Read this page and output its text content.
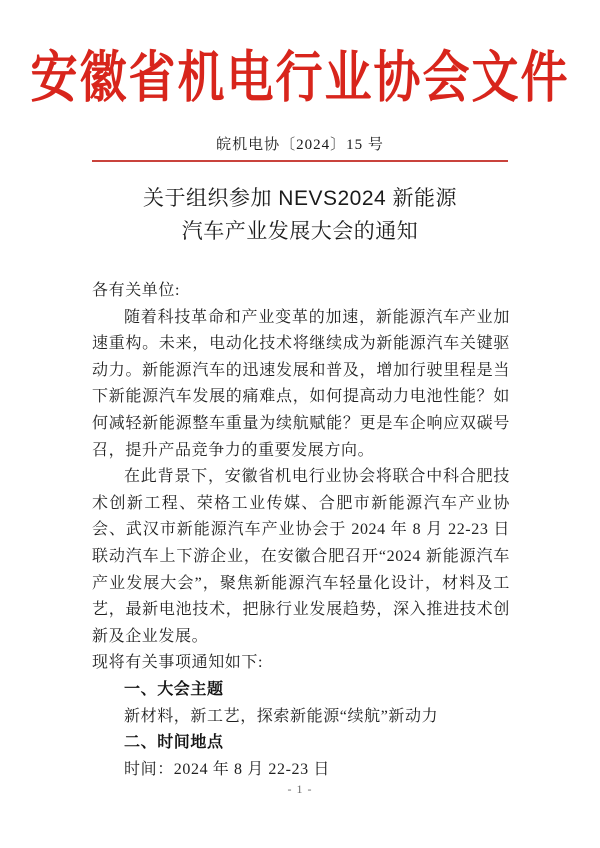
安徽省机电行业协会文件
皖机电协〔2024〕15 号
关于组织参加 NEVS2024 新能源
汽车产业发展大会的通知

各有关单位:

随着科技革命和产业变革的加速，新能源汽车产业加速重构。未来，电动化技术将继续成为新能源汽车关键驱动力。新能源汽车的迅速发展和普及，增加行驶里程是当下新能源汽车发展的痛难点，如何提高动力电池性能？如何减轻新能源整车重量为续航赋能？更是车企响应双碳号召，提升产品竞争力的重要发展方向。

在此背景下，安徽省机电行业协会将联合中科合肥技术创新工程、荣格工业传媒、合肥市新能源汽车产业协会、武汉市新能源汽车产业协会于 2024 年 8 月 22-23 日联动汽车上下游企业，在安徽合肥召开“2024 新能源汽车产业发展大会”，聚焦新能源汽车轻量化设计，材料及工艺，最新电池技术，把脉行业发展趋势，深入推进技术创新及企业发展。

现将有关事项通知如下:

一、大会主题

新材料，新工艺，探索新能源“续航”新动力

二、时间地点

时间：2024 年 8 月 22-23 日

- 1 -
